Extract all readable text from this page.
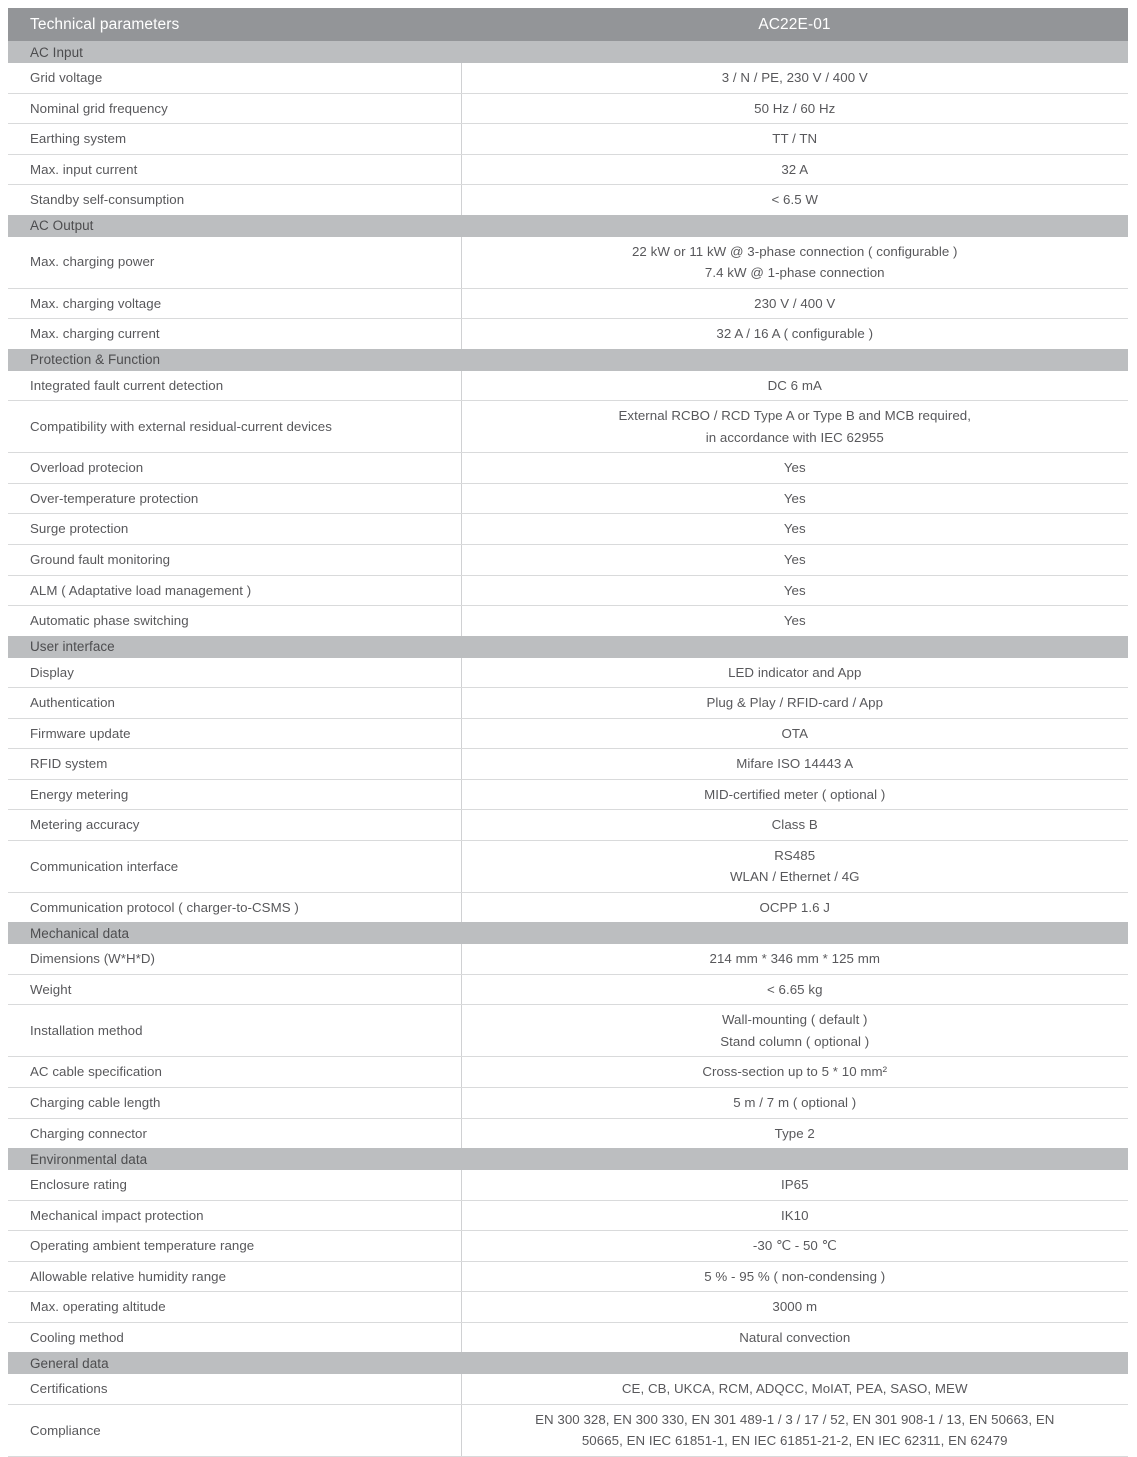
Technical parameters	AC22E-01
AC Input	
Grid voltage	3 / N / PE, 230 V / 400 V
Nominal grid frequency	50 Hz / 60 Hz
Earthing system	TT / TN
Max. input current	32 A
Standby self-consumption	< 6.5 W
AC Output	
Max. charging power	22 kW or 11 kW @ 3-phase connection ( configurable )
7.4 kW @ 1-phase connection

Max. charging voltage	230 V / 400 V
Max. charging current	32 A / 16 A ( configurable )
Protection & Function	
Integrated fault current detection	DC 6 mA
Compatibility with external residual-current devices	External RCBO / RCD Type A or Type B and MCB required,
in accordance with IEC 62955

Overload protecion	Yes
Over-temperature protection	Yes
Surge protection	Yes
Ground fault monitoring	Yes
ALM ( Adaptative load management )	Yes
Automatic phase switching	Yes
User interface	
Display	LED indicator and App
Authentication	Plug & Play / RFID-card / App
Firmware update	OTA
RFID system	Mifare ISO 14443 A
Energy metering	MID-certified meter ( optional )
Metering accuracy	Class B
Communication interface	RS485
WLAN / Ethernet / 4G

Communication protocol ( charger-to-CSMS )	OCPP 1.6 J
Mechanical data	
Dimensions (W*H*D)	214 mm * 346 mm * 125 mm
Weight	< 6.65 kg
Installation method	Wall-mounting ( default )
Stand column ( optional )

AC cable specification	Cross-section up to 5 * 10 mm²
Charging cable length	5 m / 7 m ( optional )
Charging connector	Type 2
Environmental data	
Enclosure rating	IP65
Mechanical impact protection	IK10
Operating ambient temperature range	-30 ℃ - 50 ℃
Allowable relative humidity range	5 % - 95 % ( non-condensing )
Max. operating altitude	3000 m
Cooling method	Natural convection
General data	
Certifications	CE, CB, UKCA, RCM, ADQCC, MoIAT, PEA, SASO, MEW
Compliance	EN 300 328, EN 300 330, EN 301 489-1 / 3 / 17 / 52, EN 301 908-1 / 13, EN 50663, EN
50665, EN IEC 61851-1, EN IEC 61851-21-2, EN IEC 62311, EN 62479
